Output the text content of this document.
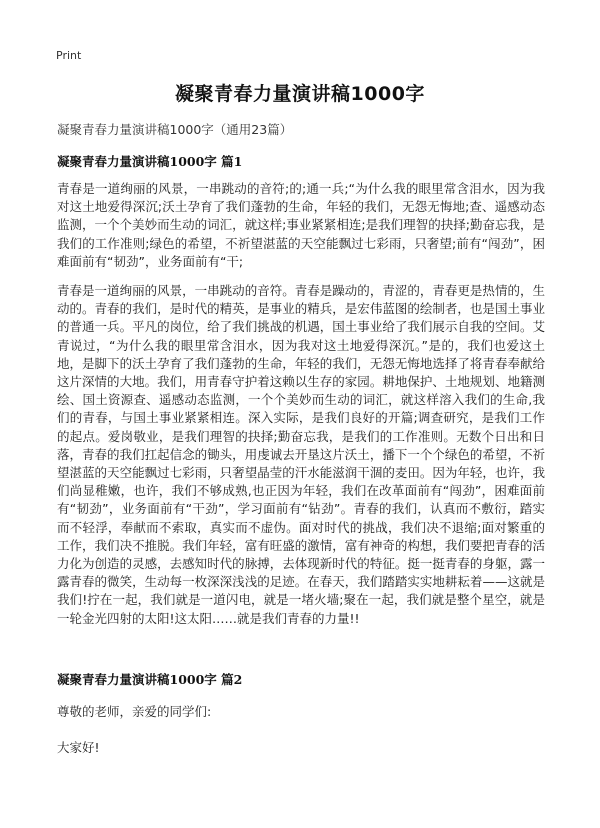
Print
凝聚青春力量演讲稿1000字
凝聚青春力量演讲稿1000字（通用23篇）
凝聚青春力量演讲稿1000字 篇1
青春是一道绚丽的风景，一串跳动的音符;的;通一兵;“为什么我的眼里常含泪水，因为我对这土地爱得深沉;沃土孕育了我们蓬勃的生命，年轻的我们，无怨无悔地;查、遥感动态监测，一个个美妙而生动的词汇，就这样;事业紧紧相连;是我们理智的抉择;勤奋忘我，是我们的工作准则;绿色的希望，不祈望湛蓝的天空能飘过七彩雨，只奢望;前有“闯劲”，困难面前有“韧劲”，业务面前有“干;
青春是一道绚丽的风景，一串跳动的音符。青春是躁动的，青涩的，青春更是热情的，生动的。青春的我们，是时代的精英，是事业的精兵，是宏伟蓝图的绘制者，也是国土事业的普通一兵。平凡的岗位，给了我们挑战的机遇，国土事业给了我们展示自我的空间。艾青说过，“为什么我的眼里常含泪水，因为我对这土地爱得深沉。”是的，我们也爱这土地，是脚下的沃土孕育了我们蓬勃的生命，年轻的我们，无怨无悔地选择了将青春奉献给这片深情的大地。我们，用青春守护着这赖以生存的家园。耕地保护、土地规划、地籍测绘、国土资源查、遥感动态监测，一个个美妙而生动的词汇，就这样溶入我们的生命,我们的青春，与国土事业紧紧相连。深入实际，是我们良好的开篇;调查研究，是我们工作的起点。爱岗敬业，是我们理智的抉择;勤奋忘我，是我们的工作准则。无数个日出和日落，青春的我们扛起信念的锄头，用虔诚去开垦这片沃土，播下一个个绿色的希望，不祈望湛蓝的天空能飘过七彩雨，只奢望晶莹的汗水能滋润干涸的麦田。因为年轻，也许，我们尚显稚嫩，也许，我们不够成熟,也正因为年轻，我们在改革面前有“闯劲”，困难面前有“韧劲”，业务面前有“干劲”，学习面前有“钻劲”。青春的我们，认真而不敷衍，踏实而不轻浮，奉献而不索取，真实而不虚伪。面对时代的挑战，我们决不退缩;面对繁重的工作，我们决不推脱。我们年轻，富有旺盛的激情，富有神奇的构想，我们要把青春的活力化为创造的灵感，去感知时代的脉搏，去体现新时代的特征。挺一挺青春的身躯，露一露青春的微笑，生动每一枚深深浅浅的足迹。在春天，我们踏踏实实地耕耘着——这就是我们!拧在一起，我们就是一道闪电，就是一堵火墙;聚在一起，我们就是整个星空，就是一轮金光四射的太阳!这太阳……就是我们青春的力量!!
凝聚青春力量演讲稿1000字 篇2
尊敬的老师，亲爱的同学们:
大家好!
